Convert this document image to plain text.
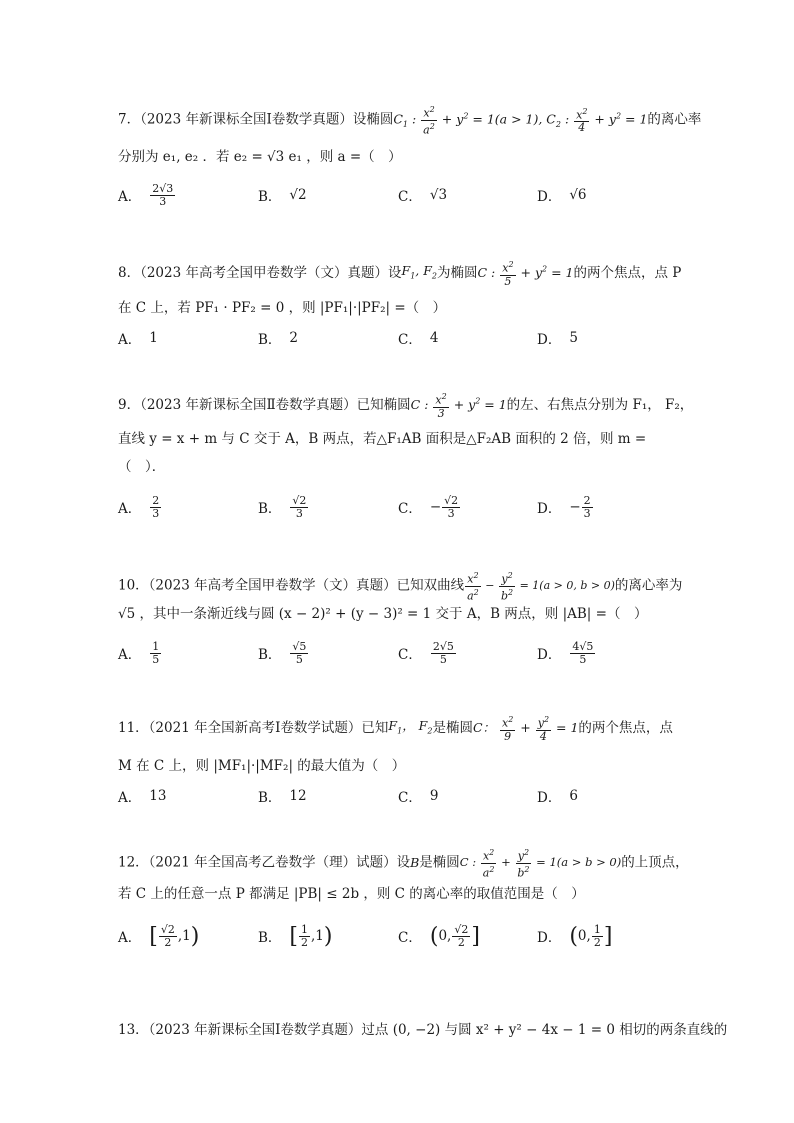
7．（2023 年新课标全国Ⅰ卷数学真题）设椭圆$C_1$ : $\frac{x^2}{a^2} + y^2 = 1(a > 1)$, $C_2$ : $\frac{x^2}{4} + y^2 = 1$的离心率
分别为 e₁, e₂ ．若 e₂ = √3 e₁ ，则 a =（　）
A． $\frac{2√3}{3}$	B． √2	C． √3	D． √6
8．（2023 年高考全国甲卷数学（文）真题）设$F_1$, $F_2$为椭圆C : $\frac{x^2}{5} + y^2 = 1$的两个焦点，点 P
在 C 上，若 PF₁ · PF₂ = 0 ，则 |PF₁|·|PF₂| =（　）
A． 1	B． 2	C． 4	D． 5
9．（2023 年新课标全国Ⅱ卷数学真题）已知椭圆C : $\frac{x^2}{3} + y^2 = 1$的左、右焦点分别为 F₁， F₂，
直线 y = x + m 与 C 交于 A，B 两点，若△F₁AB 面积是△F₂AB 面积的 2 倍，则 m =
（　）．
A． $\frac{2}{3}$	B． $\frac{√2}{3}$	C． − $\frac{√2}{3}$	D． − $\frac{2}{3}$
10．（2023 年高考全国甲卷数学（文）真题）已知双曲线 $\frac{x^2}{a^2} - \frac{y^2}{b^2} = 1(a > 0$, b > 0)的离心率为
√5 ，其中一条渐近线与圆 (x − 2)² + (y − 3)² = 1 交于 A，B 两点，则 |AB| =（　）
A． $\frac{1}{5}$	B． $\frac{√5}{5}$	C． $\frac{2√5}{5}$	D． $\frac{4√5}{5}$
11．（2021 年全国新高考Ⅰ卷数学试题）已知$F_1$， $F_2$是椭圆C： $\frac{x^2}{9} + \frac{y^2}{4} = 1$的两个焦点，点
M 在 C 上，则 |MF₁|·|MF₂| 的最大值为（　）
A． 13	B． 12	C． 9	D． 6
12．（2021 年全国高考乙卷数学（理）试题）设B是椭圆C : $\frac{x^2}{a^2} + \frac{y^2}{b^2} = 1(a > b > 0)$的上顶点，
若 C 上的任意一点 P 都满足 |PB| ≤ 2b ，则 C 的离心率的取值范围是（　）
A． [ $\frac{√2}{2} ,1$ )	B． [ $\frac{1}{2} ,1$ )	C． ( 0, $\frac{√2}{2}$ ]	D． ( 0, $\frac{1}{2}$ ]
13．（2023 年新课标全国Ⅰ卷数学真题）过点 (0, −2) 与圆 x² + y² − 4x − 1 = 0 相切的两条直线的
